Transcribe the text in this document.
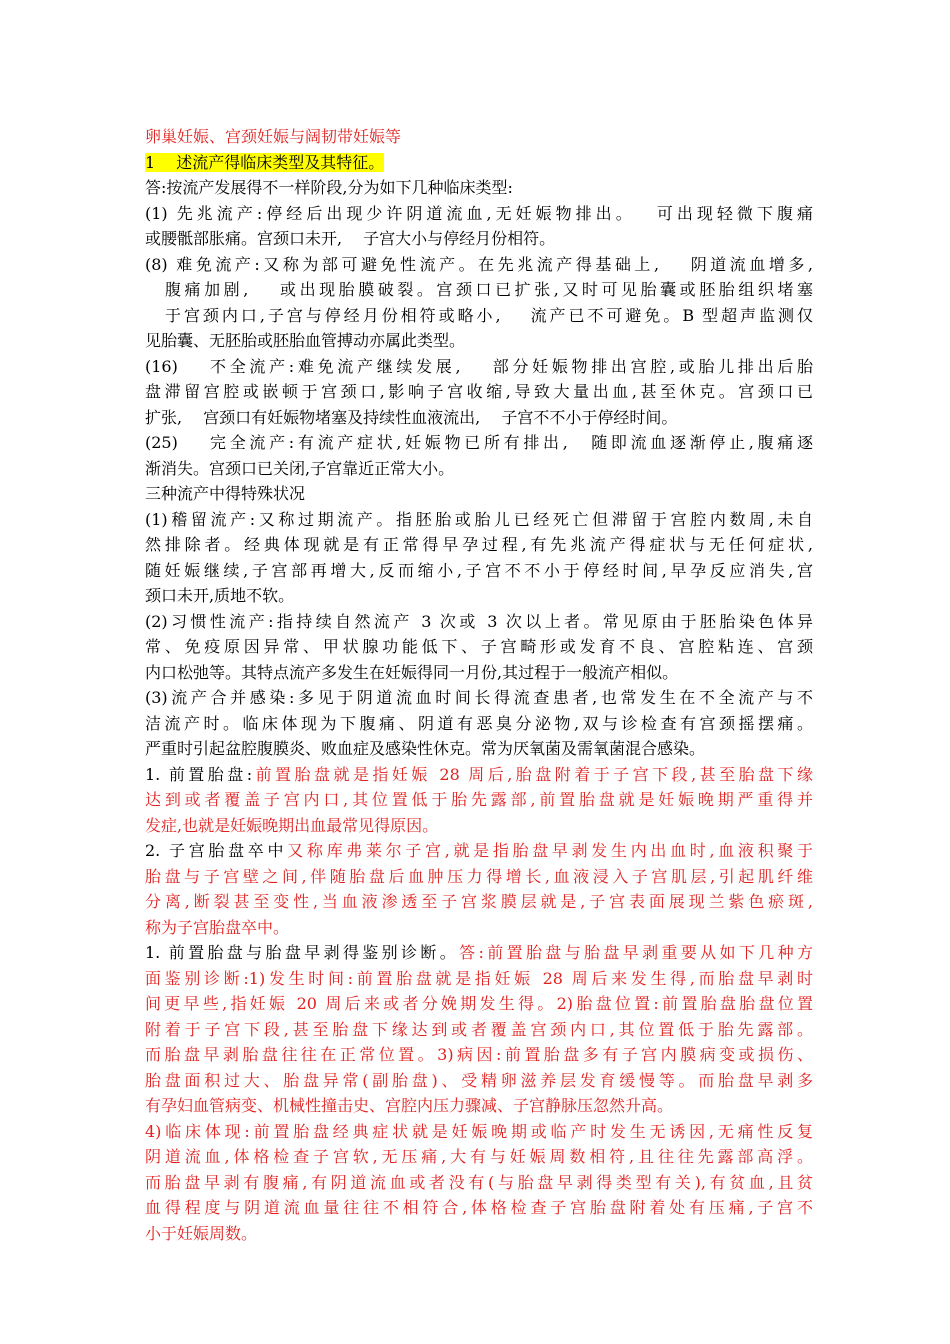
卵巢妊娠、宫颈妊娠与阔韧带妊娠等

1　 述流产得临床类型及其特征。

答:按流产发展得不一样阶段,分为如下几种临床类型:

(1) 先兆流产:停经后出现少许阴道流血,无妊娠物排出。　 可出现轻微下腹痛

或腰骶部胀痛。宫颈口未开,　 子宫大小与停经月份相符。

(8) 难免流产:又称为部可避免性流产。在先兆流产得基础上,　 阴道流血增多,

腹痛加剧,　 或出现胎膜破裂。宫颈口已扩张,又时可见胎囊或胚胎组织堵塞

于宫颈内口,子宫与停经月份相符或略小,　 流产已不可避免。B 型超声监测仅

见胎囊、无胚胎或胚胎血管搏动亦属此类型。

(16)　 不全流产:难免流产继续发展,　 部分妊娠物排出宫腔,或胎儿排出后胎

盘滞留宫腔或嵌顿于宫颈口,影响子宫收缩,导致大量出血,甚至休克。宫颈口已

扩张,　 宫颈口有妊娠物堵塞及持续性血液流出,　 子宫不不小于停经时间。

(25)　 完全流产:有流产症状,妊娠物已所有排出,　随即流血逐渐停止,腹痛逐

渐消失。宫颈口已关闭,子宫靠近正常大小。

三种流产中得特殊状况

(1)稽留流产:又称过期流产。指胚胎或胎儿已经死亡但滞留于宫腔内数周,未自

然排除者。经典体现就是有正常得早孕过程,有先兆流产得症状与无任何症状,

随妊娠继续,子宫部再增大,反而缩小,子宫不不小于停经时间,早孕反应消失,宫

颈口未开,质地不软。

(2)习惯性流产:指持续自然流产 3 次或 3 次以上者。常见原由于胚胎染色体异

常、免疫原因异常、甲状腺功能低下、子宫畸形或发育不良、宫腔粘连、宫颈

内口松弛等。其特点流产多发生在妊娠得同一月份,其过程于一般流产相似。

(3)流产合并感染:多见于阴道流血时间长得流查患者,也常发生在不全流产与不

洁流产时。临床体现为下腹痛、阴道有恶臭分泌物,双与诊检查有宫颈摇摆痛。

严重时引起盆腔腹膜炎、败血症及感染性休克。常为厌氧菌及需氧菌混合感染。

1. 前置胎盘:前置胎盘就是指妊娠 28 周后,胎盘附着于子宫下段,甚至胎盘下缘

达到或者覆盖子宫内口,其位置低于胎先露部,前置胎盘就是妊娠晚期严重得并

发症,也就是妊娠晚期出血最常见得原因。

2. 子宫胎盘卒中又称库弗莱尔子宫,就是指胎盘早剥发生内出血时,血液积聚于

胎盘与子宫壁之间,伴随胎盘后血肿压力得增长,血液浸入子宫肌层,引起肌纤维

分离,断裂甚至变性,当血液渗透至子宫浆膜层就是,子宫表面展现兰紫色瘀斑,

称为子宫胎盘卒中。

1. 前置胎盘与胎盘早剥得鉴别诊断。答:前置胎盘与胎盘早剥重要从如下几种方

面鉴别诊断:1)发生时间:前置胎盘就是指妊娠 28 周后来发生得,而胎盘早剥时

间更早些,指妊娠 20 周后来或者分娩期发生得。2)胎盘位置:前置胎盘胎盘位置

附着于子宫下段,甚至胎盘下缘达到或者覆盖宫颈内口,其位置低于胎先露部。

而胎盘早剥胎盘往往在正常位置。3)病因:前置胎盘多有子宫内膜病变或损伤、

胎盘面积过大、胎盘异常(副胎盘)、受精卵滋养层发育缓慢等。而胎盘早剥多

有孕妇血管病变、机械性撞击史、宫腔内压力骤减、子宫静脉压忽然升高。

4)临床体现:前置胎盘经典症状就是妊娠晚期或临产时发生无诱因,无痛性反复

阴道流血,体格检查子宫软,无压痛,大有与妊娠周数相符,且往往先露部高浮。

而胎盘早剥有腹痛,有阴道流血或者没有(与胎盘早剥得类型有关),有贫血,且贫

血得程度与阴道流血量往往不相符合,体格检查子宫胎盘附着处有压痛,子宫不

小于妊娠周数。
